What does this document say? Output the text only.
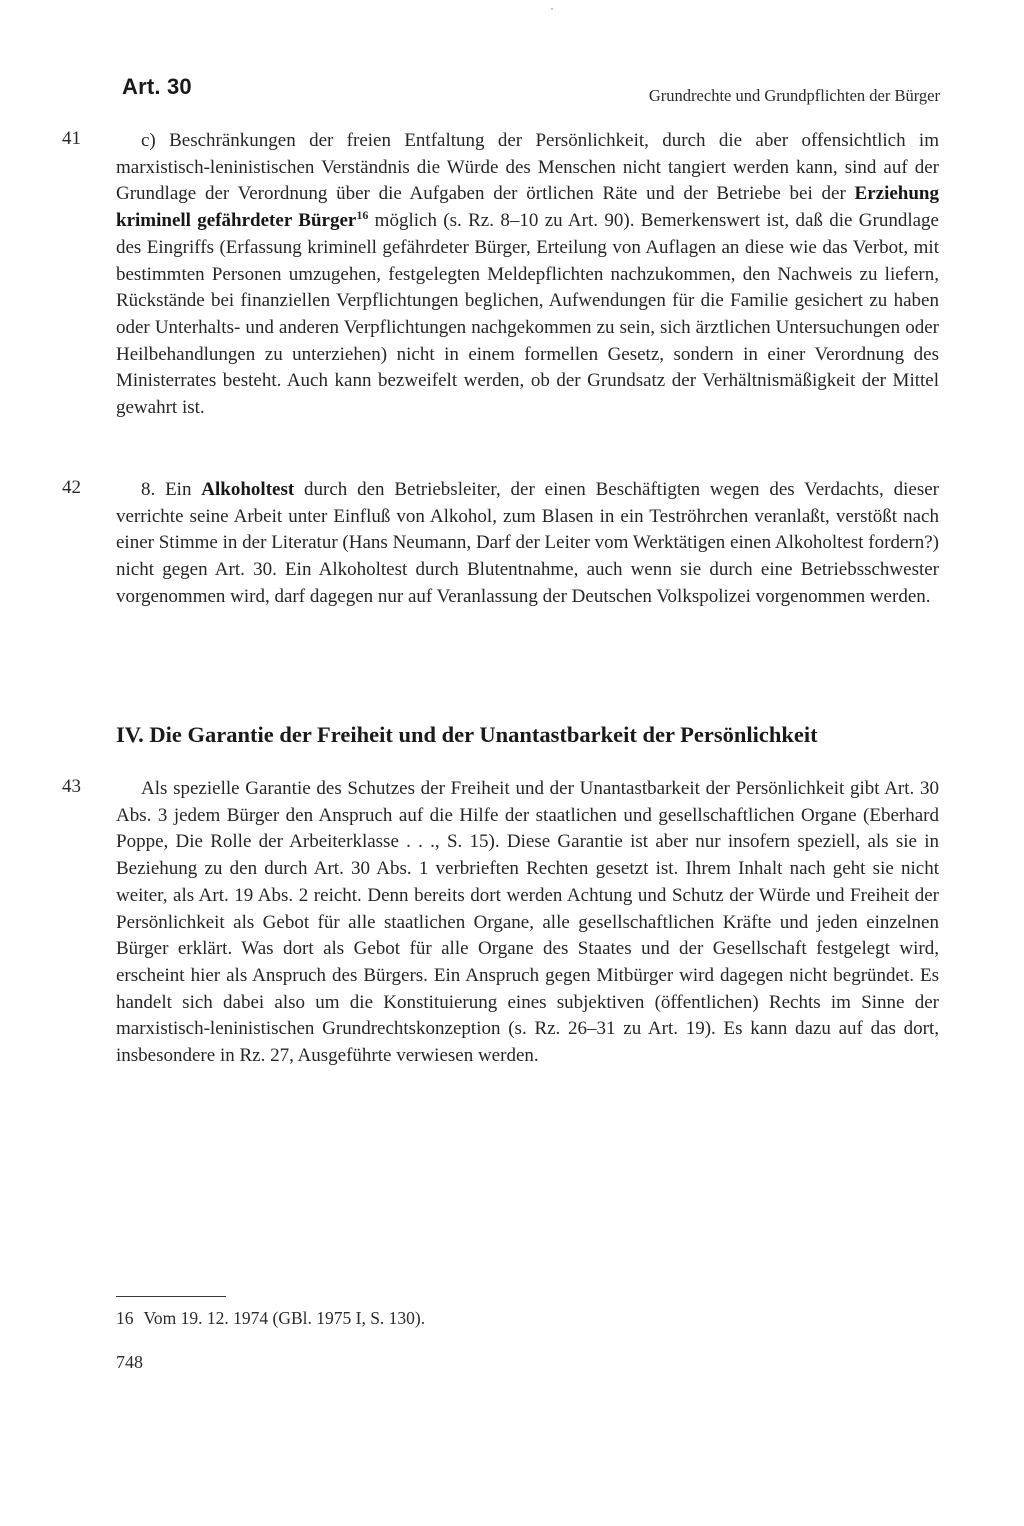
Art. 30	Grundrechte und Grundpflichten der Bürger
41	c) Beschränkungen der freien Entfaltung der Persönlichkeit, durch die aber offensichtlich im marxistisch-leninistischen Verständnis die Würde des Menschen nicht tangiert werden kann, sind auf der Grundlage der Verordnung über die Aufgaben der örtlichen Räte und der Betriebe bei der Erziehung kriminell gefährdeter Bürger$^{16}$ möglich (s. Rz. 8–10 zu Art. 90). Bemerkenswert ist, daß die Grundlage des Eingriffs (Erfassung kriminell gefährdeter Bürger, Erteilung von Auflagen an diese wie das Verbot, mit bestimmten Personen umzugehen, festgelegten Meldepflichten nachzukommen, den Nachweis zu liefern, Rückstände bei finanziellen Verpflichtungen beglichen, Aufwendungen für die Familie gesichert zu haben oder Unterhalts- und anderen Verpflichtungen nachgekommen zu sein, sich ärztlichen Untersuchungen oder Heilbehandlungen zu unterziehen) nicht in einem formellen Gesetz, sondern in einer Verordnung des Ministerrates besteht. Auch kann bezweifelt werden, ob der Grundsatz der Verhältnismäßigkeit der Mittel gewahrt ist.

42	8. Ein Alkoholtest durch den Betriebsleiter, der einen Beschäftigten wegen des Verdachts, dieser verrichte seine Arbeit unter Einfluß von Alkohol, zum Blasen in ein Teströhrchen veranlaßt, verstößt nach einer Stimme in der Literatur (Hans Neumann, Darf der Leiter vom Werktätigen einen Alkoholtest fordern?) nicht gegen Art. 30. Ein Alkoholtest durch Blutentnahme, auch wenn sie durch eine Betriebsschwester vorgenommen wird, darf dagegen nur auf Veranlassung der Deutschen Volkspolizei vorgenommen werden.

IV. Die Garantie der Freiheit und der Unantastbarkeit der Persönlichkeit
43	Als spezielle Garantie des Schutzes der Freiheit und der Unantastbarkeit der Persönlichkeit gibt Art. 30 Abs. 3 jedem Bürger den Anspruch auf die Hilfe der staatlichen und gesellschaftlichen Organe (Eberhard Poppe, Die Rolle der Arbeiterklasse . . ., S. 15). Diese Garantie ist aber nur insofern speziell, als sie in Beziehung zu den durch Art. 30 Abs. 1 verbrieften Rechten gesetzt ist. Ihrem Inhalt nach geht sie nicht weiter, als Art. 19 Abs. 2 reicht. Denn bereits dort werden Achtung und Schutz der Würde und Freiheit der Persönlichkeit als Gebot für alle staatlichen Organe, alle gesellschaftlichen Kräfte und jeden einzelnen Bürger erklärt. Was dort als Gebot für alle Organe des Staates und der Gesellschaft festgelegt wird, erscheint hier als Anspruch des Bürgers. Ein Anspruch gegen Mitbürger wird dagegen nicht begründet. Es handelt sich dabei also um die Konstituierung eines subjektiven (öffentlichen) Rechts im Sinne der marxistisch-leninistischen Grundrechtskonzeption (s. Rz. 26–31 zu Art. 19). Es kann dazu auf das dort, insbesondere in Rz. 27, Ausgeführte verwiesen werden.

16 Vom 19. 12. 1974 (GBl. 1975 I, S. 130).
748
